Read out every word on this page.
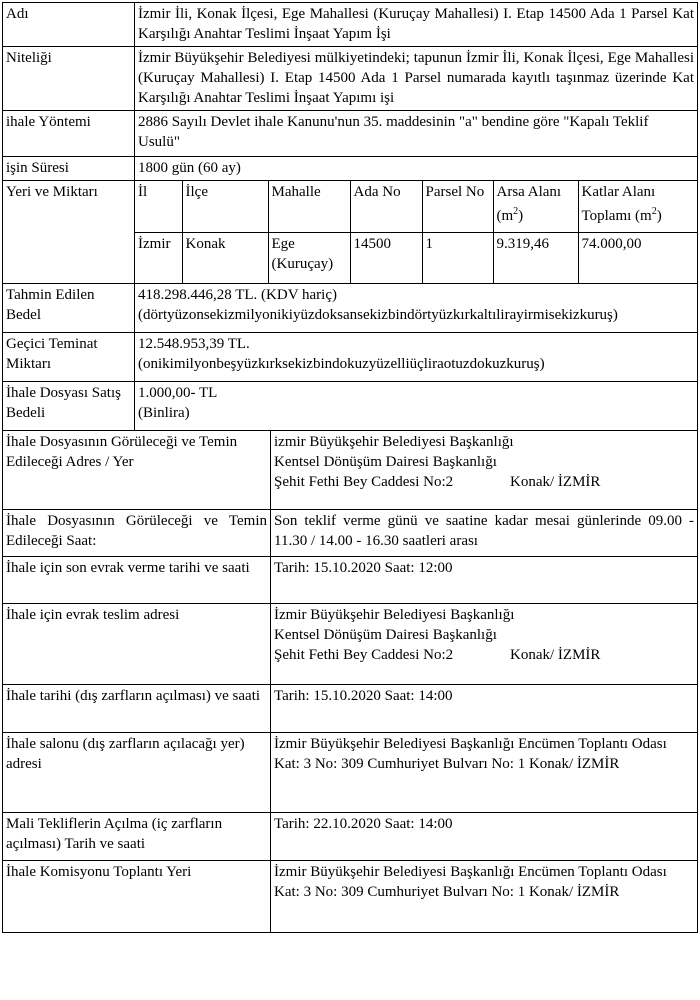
Adı	İzmir İli, Konak İlçesi, Ege Mahallesi (Kuruçay Mahallesi) I. Etap 14500 Ada 1 Parsel Kat Karşılığı Anahtar Teslimi İnşaat Yapım İşi
Niteliği	İzmir Büyükşehir Belediyesi mülkiyetindeki; tapunun İzmir İli, Konak İlçesi, Ege Mahallesi (Kuruçay Mahallesi) I. Etap 14500 Ada 1 Parsel numarada kayıtlı taşınmaz üzerinde Kat Karşılığı Anahtar Teslimi İnşaat Yapımı işi
ihale Yöntemi	2886 Sayılı Devlet ihale Kanunu'nun 35. maddesinin "a" bendine göre "Kapalı Teklif Usulü"
işin Süresi	1800 gün (60 ay)
Yeri ve Miktarı		İl	İlçe	Mahalle	Ada No	Parsel No	Arsa Alanı $(m^2)$	Katlar Alanı Toplamı $(m^2)$
İzmir	Konak	Ege (Kuruçay)	14500	1	9.319,46	74.000,00
Tahmin Edilen Bedel	418.298.446,28 TL. (KDV hariç)
(dörtyüzonsekizmilyonikiyüzdoksansekizbindörtyüzkırkaltılirayirmisekizkuruş)

Geçici Teminat Miktarı	12.548.953,39 TL.
(onikimilyonbeşyüzkırksekizbindokuzyüzelliüçliraotuzdokuzkuruş)

İhale Dosyası Satış Bedeli	1.000,00- TL
(Binlira)
İhale Dosyasının Görüleceği ve Temin Edileceği Adres / Yer	izmir Büyükşehir Belediyesi Başkanlığı
Kentsel Dönüşüm Dairesi Başkanlığı
Şehit Fethi Bey Caddesi No:2 Konak/ İZMİR

İhale Dosyasının Görüleceği ve Temin Edileceği Saat:	Son teklif verme günü ve saatine kadar mesai günlerinde 09.00 - 11.30 / 14.00 - 16.30 saatleri arası
İhale için son evrak verme tarihi ve saati	Tarih: 15.10.2020 Saat: 12:00
İhale için evrak teslim adresi	İzmir Büyükşehir Belediyesi Başkanlığı
Kentsel Dönüşüm Dairesi Başkanlığı
Şehit Fethi Bey Caddesi No:2 Konak/ İZMİR

İhale tarihi (dış zarfların açılması) ve saati	Tarih: 15.10.2020 Saat: 14:00
İhale salonu (dış zarfların açılacağı yer) adresi	İzmir Büyükşehir Belediyesi Başkanlığı Encümen Toplantı Odası Kat: 3 No: 309 Cumhuriyet Bulvarı No: 1 Konak/ İZMİR
Mali Tekliflerin Açılma (iç zarfların açılması) Tarih ve saati	Tarih: 22.10.2020 Saat: 14:00
İhale Komisyonu Toplantı Yeri	İzmir Büyükşehir Belediyesi Başkanlığı Encümen Toplantı Odası Kat: 3 No: 309 Cumhuriyet Bulvarı No: 1 Konak/ İZMİR
